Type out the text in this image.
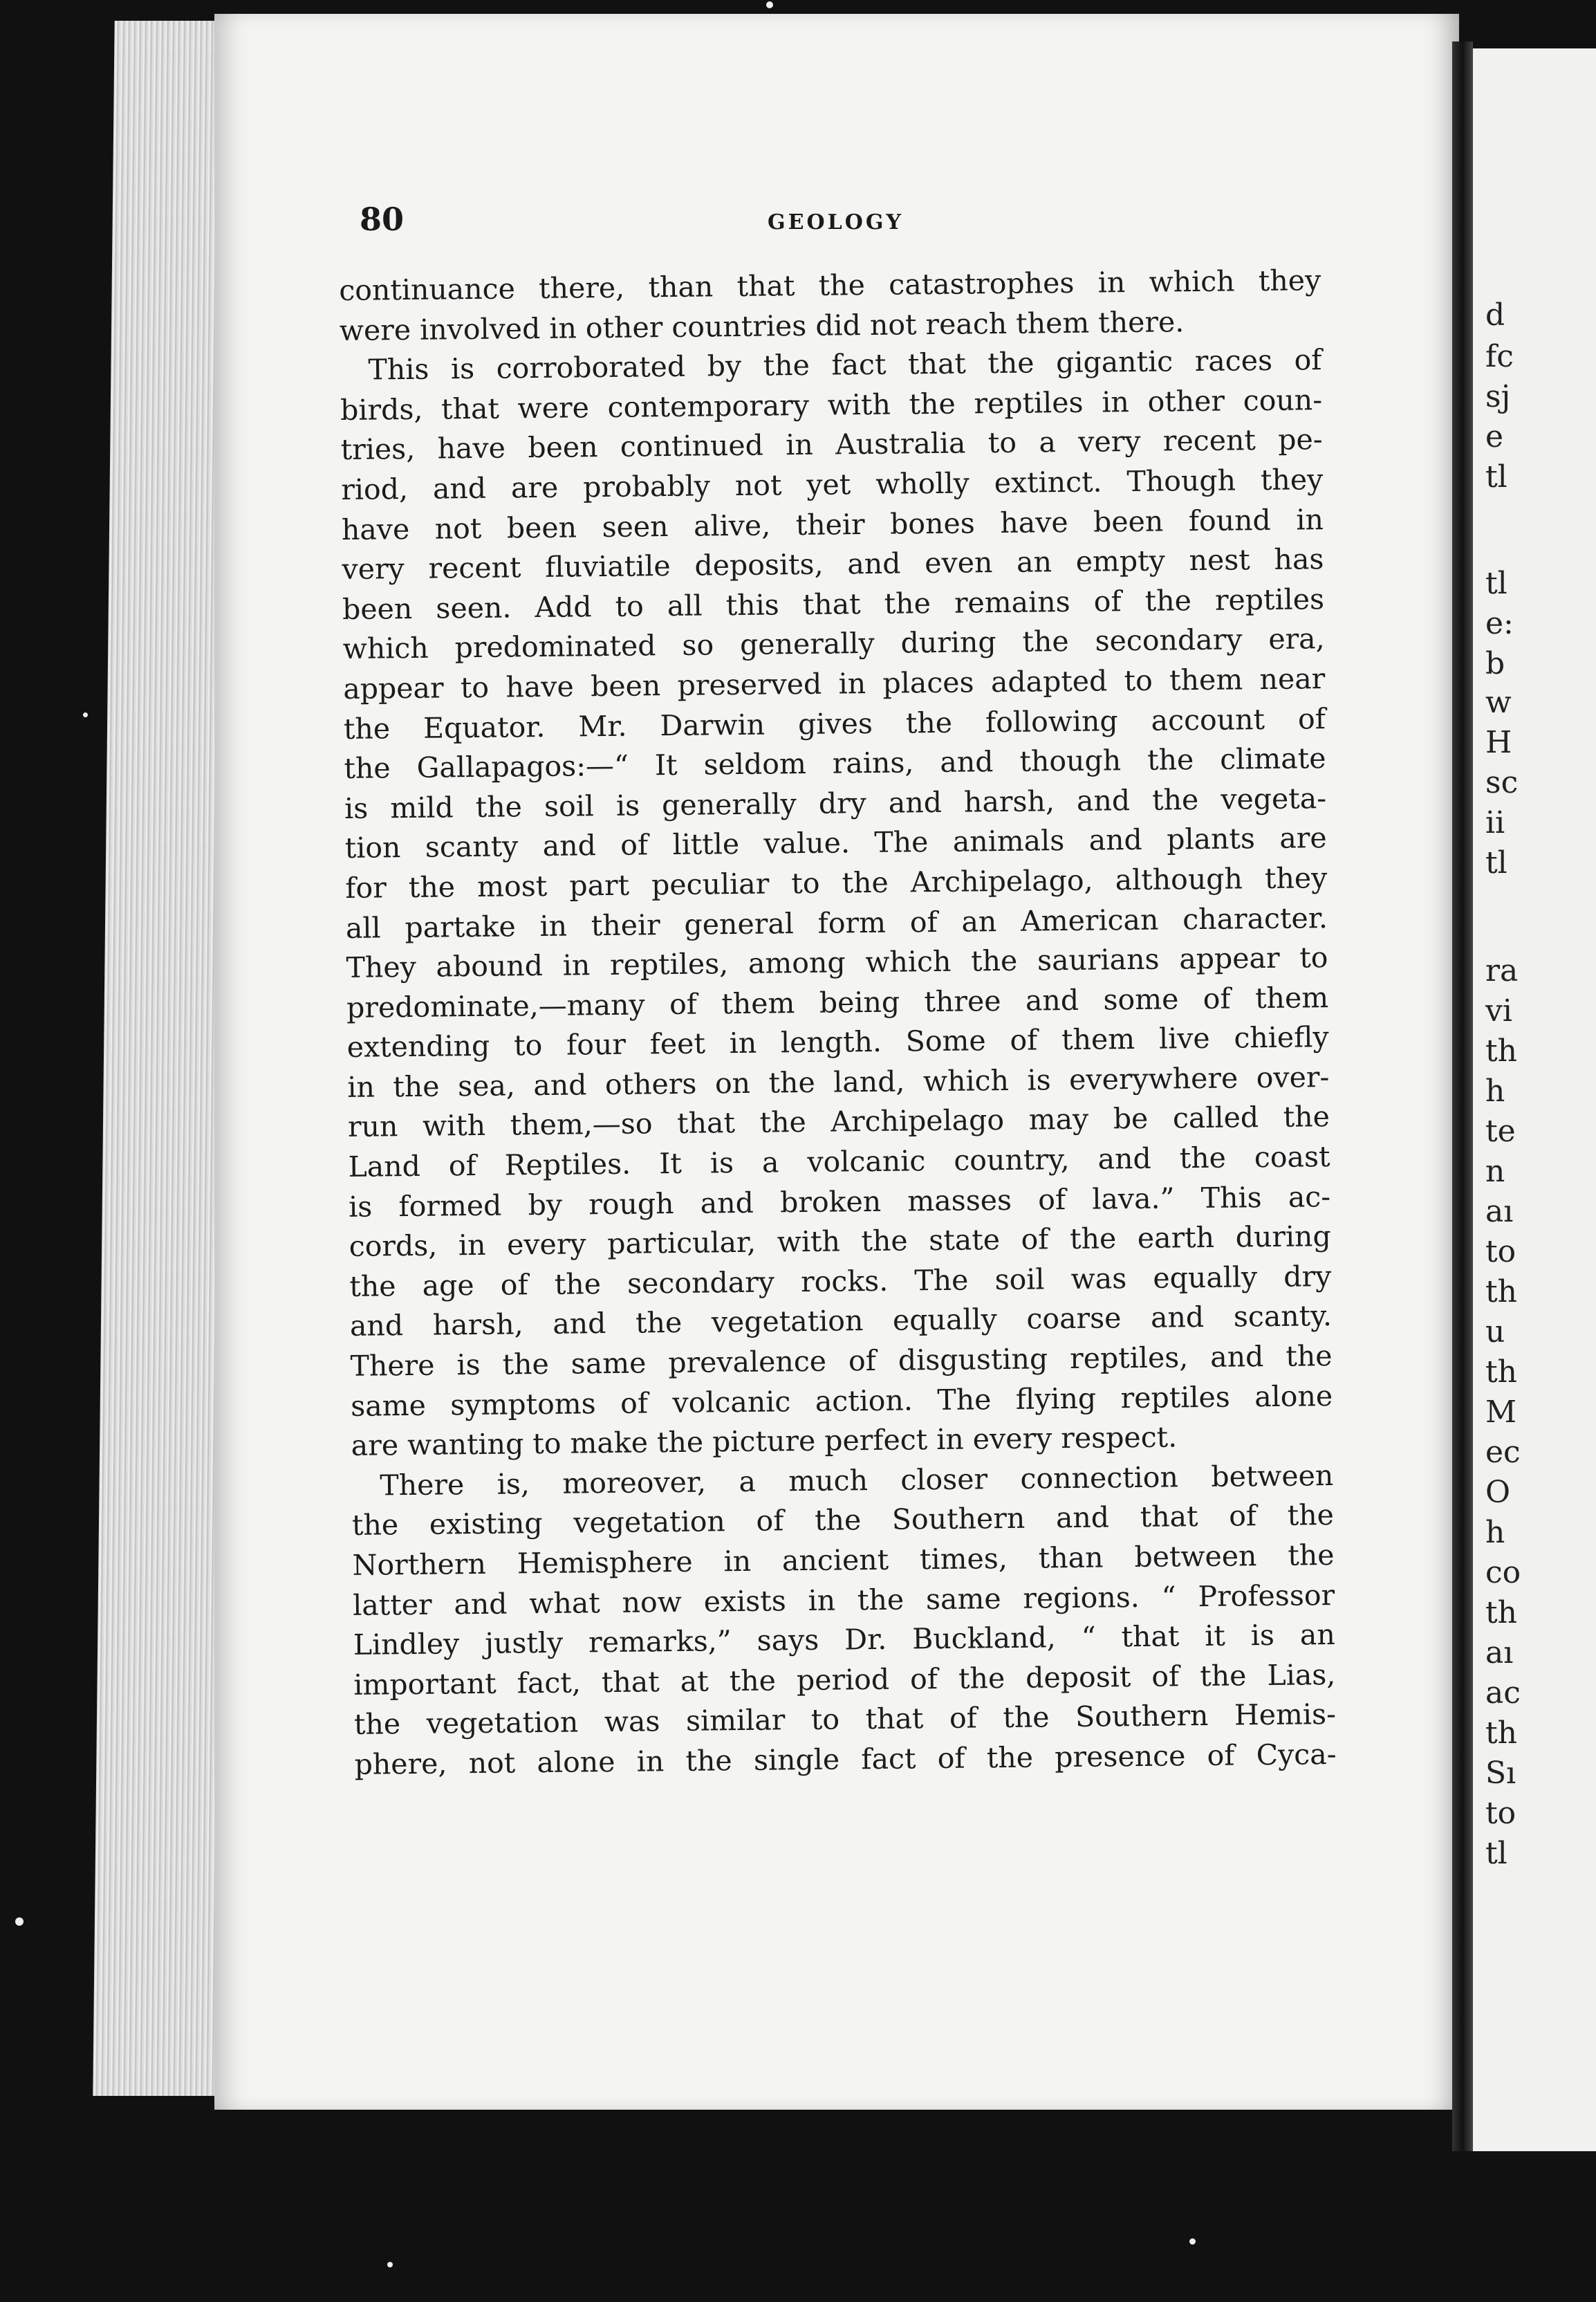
d
fc
sj
e
tl
tl
e:
b
w
H
sc
ii
tl
ra
vi
th
h
te
n
aı
to
th
u
th
M
ec
O
h
co
th
aı
ac
th
Sı
to
tl
80	GEOLOGY
continuance there, than that the catastrophes in which they
were involved in other countries did not reach them there.
 This is corroborated by the fact that the gigantic races of
birds, that were contemporary with the reptiles in other coun-
tries, have been continued in Australia to a very recent pe-
riod, and are probably not yet wholly extinct. Though they
have not been seen alive, their bones have been found in
very recent fluviatile deposits, and even an empty nest has
been seen. Add to all this that the remains of the reptiles
which predominated so generally during the secondary era,
appear to have been preserved in places adapted to them near
the Equator. Mr. Darwin gives the following account of
the Gallapagos:—“ It seldom rains, and though the climate
is mild the soil is generally dry and harsh, and the vegeta-
tion scanty and of little value. The animals and plants are
for the most part peculiar to the Archipelago, although they
all partake in their general form of an American character.
They abound in reptiles, among which the saurians appear to
predominate,—many of them being three and some of them
extending to four feet in length. Some of them live chiefly
in the sea, and others on the land, which is everywhere over-
run with them,—so that the Archipelago may be called the
Land of Reptiles. It is a volcanic country, and the coast
is formed by rough and broken masses of lava.” This ac-
cords, in every particular, with the state of the earth during
the age of the secondary rocks. The soil was equally dry
and harsh, and the vegetation equally coarse and scanty.
There is the same prevalence of disgusting reptiles, and the
same symptoms of volcanic action. The flying reptiles alone
are wanting to make the picture perfect in every respect.
 There is, moreover, a much closer connection between
the existing vegetation of the Southern and that of the
Northern Hemisphere in ancient times, than between the
latter and what now exists in the same regions. “ Professor
Lindley justly remarks,” says Dr. Buckland, “ that it is an
important fact, that at the period of the deposit of the Lias,
the vegetation was similar to that of the Southern Hemis-
phere, not alone in the single fact of the presence of Cyca-
